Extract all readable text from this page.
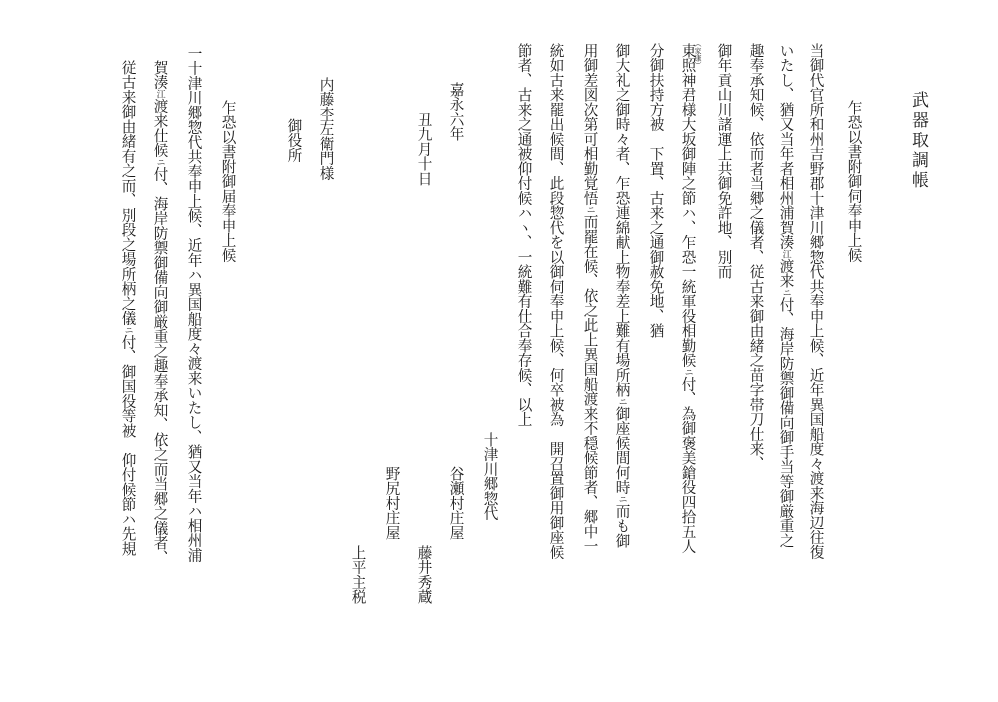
武器取調帳
乍恐以書附御伺奉申上候
当御代官所和州吉野郡十津川郷惣代共奉申上候、近年異国船度々渡来海辺往復
いたし、猶又当年者相州浦賀湊江渡来ニ付、海岸防禦御備向御手当等御厳重之
趣奉承知候、依而者当郷之儀者、従古来御由緒之苗字帯刀仕来、
御年貢山川諸運上共御免許地、別而
東
（家康）
照神君様大坂御陣之節ハ、乍恐一統軍役相勤候ニ付、為御褒美鎗役四拾五人
分御扶持方被　下置、古来之通御赦免地、猶
御大礼之御時々者、乍恐連綿献上物奉差上難有場所柄ニ御座候間何時ニ而も御
用御差図次第可相勤覚悟ニ而罷在候、依之此上異国船渡来不穏候節者、郷中一
統如古来罷出候間、此段惣代を以御伺奉申上候、何卒被為　開召置御用御座候
節者、古来之通被仰付候ハヽ、一統難有仕合奉存候、以上
十津川郷惣代
谷瀬村庄屋
藤井秀蔵
野尻村庄屋
上平主税
嘉永六年
丑九月十日
内藤杢左衛門様
御役所
乍恐以書附御届奉申上候
一十津川郷惣代共奉申上候、近年ハ異国船度々渡来いたし、猶又当年ハ相州浦
賀湊江渡来仕候ニ付、海岸防禦御備向御厳重之趣奉承知、依之而当郷之儀者、
従古来御由緒有之而、別段之場所柄之儀ニ付、御国役等被　仰付候節ハ先規
